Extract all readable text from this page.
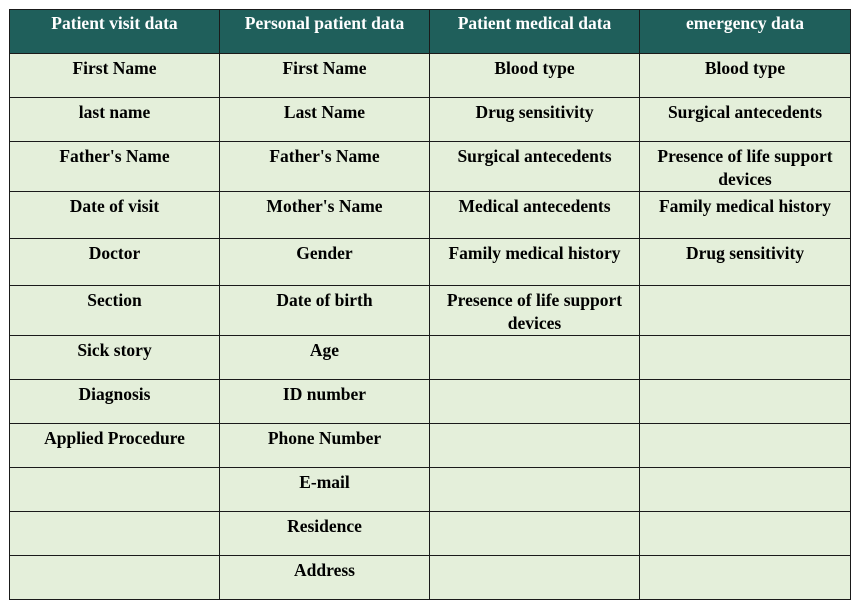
Patient visit data	Personal patient data	Patient medical data	emergency data
First Name	First Name	Blood type	Blood type
last name	Last Name	Drug sensitivity	Surgical antecedents
Father's Name	Father's Name	Surgical antecedents	Presence of life support devices
Date of visit	Mother's Name	Medical antecedents	Family medical history
Doctor	Gender	Family medical history	Drug sensitivity
Section	Date of birth	Presence of life support devices	
Sick story	Age		
Diagnosis	ID number		
Applied Procedure	Phone Number		
	E-mail		
	Residence		
	Address		
